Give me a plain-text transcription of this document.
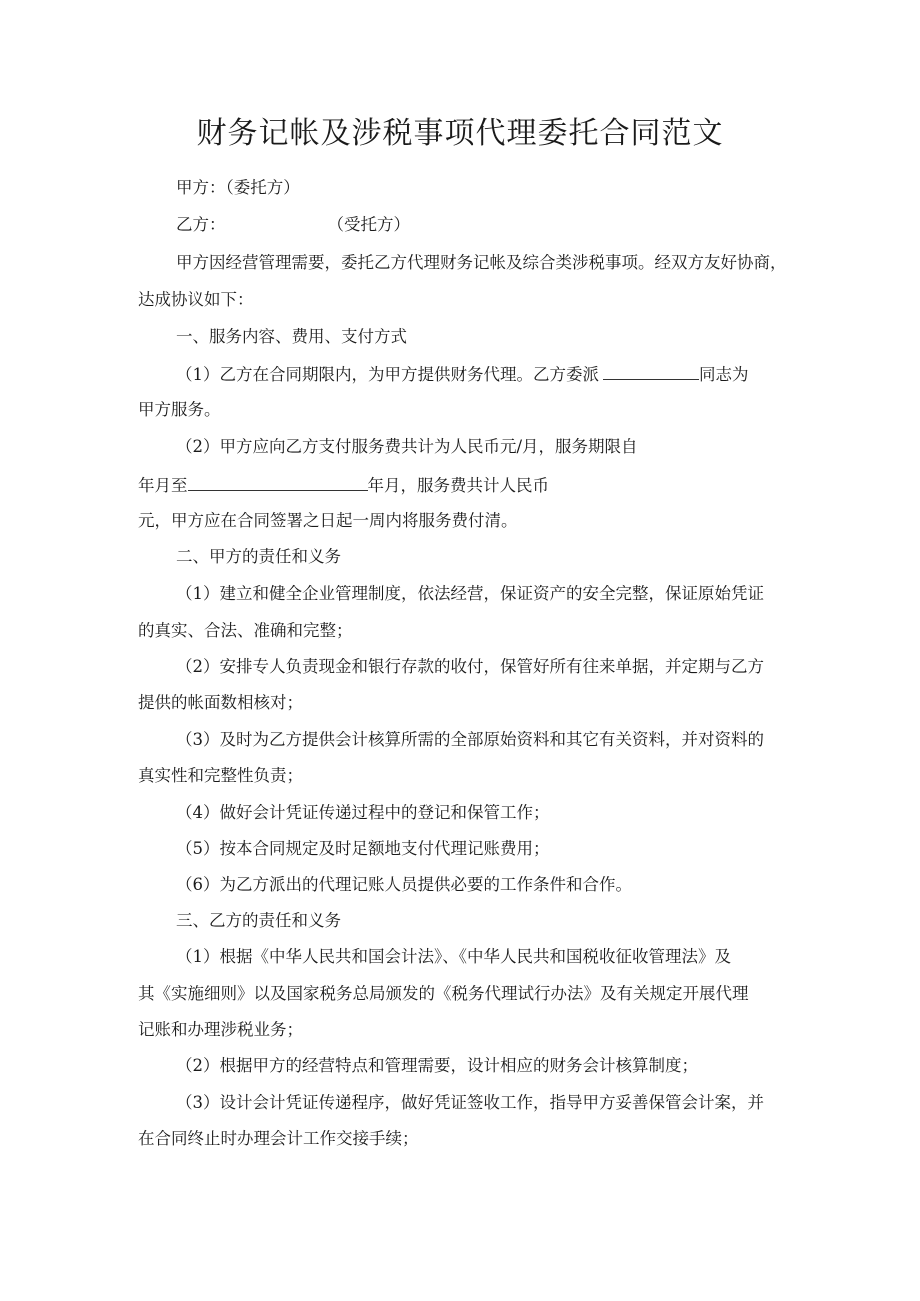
财务记帐及涉税事项代理委托合同范文
甲方：（委托方）
乙方：	（受托方）
甲方因经营管理需要，委托乙方代理财务记帐及综合类涉税事项。经双方友好协商，
达成协议如下：
一、服务内容、费用、支付方式
（1）乙方在合同期限内，为甲方提供财务代理。乙方委派	同志为
甲方服务。
（2）甲方应向乙方支付服务费共计为人民币元/月，服务期限自
年月至	年月，服务费共计人民币
元，甲方应在合同签署之日起一周内将服务费付清。
二、甲方的责任和义务
（1）建立和健全企业管理制度，依法经营，保证资产的安全完整，保证原始凭证
的真实、合法、准确和完整；
（2）安排专人负责现金和银行存款的收付，保管好所有往来单据，并定期与乙方
提供的帐面数相核对；
（3）及时为乙方提供会计核算所需的全部原始资料和其它有关资料，并对资料的
真实性和完整性负责；
（4）做好会计凭证传递过程中的登记和保管工作；
（5）按本合同规定及时足额地支付代理记账费用；
（6）为乙方派出的代理记账人员提供必要的工作条件和合作。
三、乙方的责任和义务
（1）根据《中华人民共和国会计法》、《中华人民共和国税收征收管理法》及
其《实施细则》以及国家税务总局颁发的《税务代理试行办法》及有关规定开展代理
记账和办理涉税业务；
（2）根据甲方的经营特点和管理需要，设计相应的财务会计核算制度；
（3）设计会计凭证传递程序，做好凭证签收工作，指导甲方妥善保管会计案，并
在合同终止时办理会计工作交接手续；
